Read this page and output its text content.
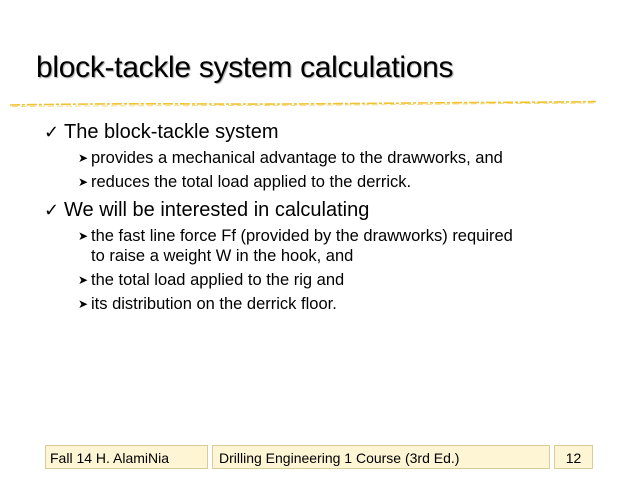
block-tackle system calculations
✓ The block-tackle system
➤ provides a mechanical advantage to the drawworks, and
➤ reduces the total load applied to the derrick.
✓ We will be interested in calculating
➤ the fast line force Ff (provided by the drawworks) required to raise a weight W in the hook, and
➤ the total load applied to the rig and
➤ its distribution on the derrick floor.
Fall 14 H. AlamiNia	Drilling Engineering 1 Course (3rd Ed.)	12
